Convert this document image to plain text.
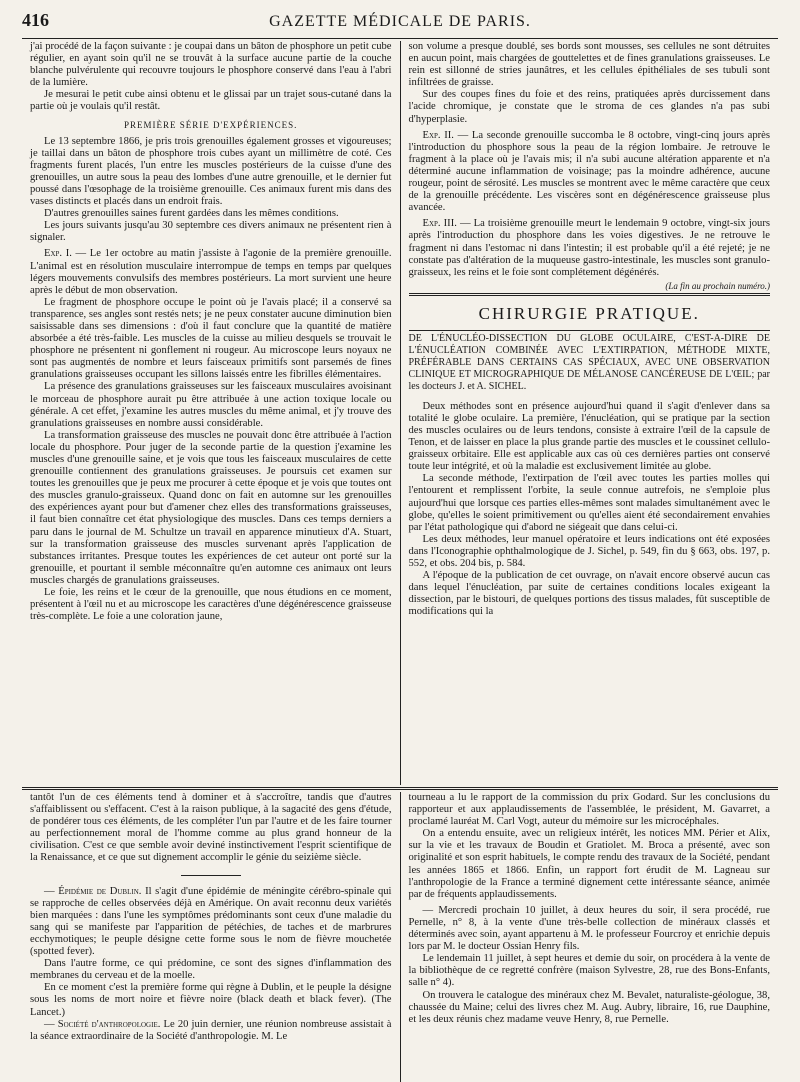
416	GAZETTE MÉDICALE DE PARIS.

j'ai procédé de la façon suivante : je coupai dans un bâton de phosphore un petit cube régulier, en ayant soin qu'il ne se trouvât à la surface aucune partie de la couche blanche pulvérulente qui recouvre toujours le phosphore conservé dans l'eau à l'abri de la lumière.

Je mesurai le petit cube ainsi obtenu et le glissai par un trajet sous-cutané dans la partie où je voulais qu'il restât.

PREMIÈRE SÉRIE D'EXPÉRIENCES.

Le 13 septembre 1866, je pris trois grenouilles également grosses et vigoureuses; je taillai dans un bâton de phosphore trois cubes ayant un millimètre de coté. Ces fragments furent placés, l'un entre les muscles postérieurs de la cuisse d'une des grenouilles, un autre sous la peau des lombes d'une autre grenouille, et le dernier fut poussé dans l'œsophage de la troisième grenouille. Ces animaux furent mis dans des vases distincts et placés dans un endroit frais.

D'autres grenouilles saines furent gardées dans les mêmes conditions.

Les jours suivants jusqu'au 30 septembre ces divers animaux ne présentent rien à signaler.

Exp. I. — Le 1er octobre au matin j'assiste à l'agonie de la première grenouille. L'animal est en résolution musculaire interrompue de temps en temps par quelques légers mouvements convulsifs des membres postérieurs. La mort survient une heure après le début de mon observation.

Le fragment de phosphore occupe le point où je l'avais placé; il a conservé sa transparence, ses angles sont restés nets; je ne peux constater aucune diminution bien saisissable dans ses dimensions : d'où il faut conclure que la quantité de matière absorbée a été très-faible. Les muscles de la cuisse au milieu desquels se trouvait le phosphore ne présentent ni gonflement ni rougeur. Au microscope leurs noyaux ne sont pas augmentés de nombre et leurs faisceaux primitifs sont parsemés de fines granulations graisseuses occupant les sillons laissés entre les fibrilles élémentaires.

La présence des granulations graisseuses sur les faisceaux musculaires avoisinant le morceau de phosphore aurait pu être attribuée à une action toxique locale ou générale. A cet effet, j'examine les autres muscles du même animal, et j'y trouve des granulations graisseuses en nombre aussi considérable.

La transformation graisseuse des muscles ne pouvait donc être attribuée à l'action locale du phosphore. Pour juger de la seconde partie de la question j'examine les muscles d'une grenouille saine, et je vois que tous les faisceaux musculaires de cette grenouille contiennent des granulations graisseuses. Je poursuis cet examen sur toutes les grenouilles que je peux me procurer à cette époque et je vois que toutes ont des muscles granulo-graisseux. Quand donc on fait en automne sur les grenouilles des expériences ayant pour but d'amener chez elles des transformations graisseuses, il faut bien connaître cet état physiologique des muscles. Dans ces temps derniers a paru dans le journal de M. Schultze un travail en apparence minutieux d'A. Stuart, sur la transformation graisseuse des muscles survenant après l'application de substances irritantes. Presque toutes les expériences de cet auteur ont porté sur la grenouille, et pourtant il semble méconnaître qu'en automne ces animaux ont leurs muscles chargés de granulations graisseuses.

Le foie, les reins et le cœur de la grenouille, que nous étudions en ce moment, présentent à l'œil nu et au microscope les caractères d'une dégénérescence graisseuse très-complète. Le foie a une coloration jaune,

son volume a presque doublé, ses bords sont mousses, ses cellules ne sont détruites en aucun point, mais chargées de gouttelettes et de fines granulations graisseuses. Le rein est sillonné de stries jaunâtres, et les cellules épithéliales de ses tubuli sont infiltrées de graisse.

Sur des coupes fines du foie et des reins, pratiquées après durcissement dans l'acide chromique, je constate que le stroma de ces glandes n'a pas subi d'hyperplasie.

Exp. II. — La seconde grenouille succomba le 8 octobre, vingt-cinq jours après l'introduction du phosphore sous la peau de la région lombaire. Je retrouve le fragment à la place où je l'avais mis; il n'a subi aucune altération apparente et n'a déterminé aucune inflammation de voisinage; pas la moindre adhérence, aucune rougeur, point de sérosité. Les muscles se montrent avec le même caractère que ceux de la grenouille précédente. Les viscères sont en dégénérescence graisseuse plus avancée.

Exp. III. — La troisième grenouille meurt le lendemain 9 octobre, vingt-six jours après l'introduction du phosphore dans les voies digestives. Je ne retrouve le fragment ni dans l'estomac ni dans l'intestin; il est probable qu'il a été rejeté; je ne constate pas d'altération de la muqueuse gastro-intestinale, les muscles sont granulo-graisseux, les reins et le foie sont complétement dégénérés.

(La fin au prochain numéro.)
CHIRURGIE PRATIQUE.

DE L'ÉNUCLÉO-DISSECTION DU GLOBE OCULAIRE, C'EST-A-DIRE DE L'ÉNUCLÉATION COMBINÉE AVEC L'EXTIRPATION, MÉTHODE MIXTE, PRÉFÉRABLE DANS CERTAINS CAS SPÉCIAUX, AVEC UNE OBSERVATION CLINIQUE ET MICROGRAPHIQUE DE MÉLANOSE CANCÉREUSE DE L'ŒIL; par les docteurs J. et A. SICHEL.

Deux méthodes sont en présence aujourd'hui quand il s'agit d'enlever dans sa totalité le globe oculaire. La première, l'énucléation, qui se pratique par la section des muscles oculaires ou de leurs tendons, consiste à extraire l'œil de la capsule de Tenon, et de laisser en place la plus grande partie des muscles et le coussinet cellulo-graisseux orbitaire. Elle est applicable aux cas où ces dernières parties ont conservé toute leur intégrité, et où la maladie est exclusivement limitée au globe.

La seconde méthode, l'extirpation de l'œil avec toutes les parties molles qui l'entourent et remplissent l'orbite, la seule connue autrefois, ne s'emploie plus aujourd'hui que lorsque ces parties elles-mêmes sont malades simultanément avec le globe, qu'elles le soient primitivement ou qu'elles aient été secondairement envahies par l'état pathologique qui d'abord ne siégeait que dans celui-ci.

Les deux méthodes, leur manuel opératoire et leurs indications ont été exposées dans l'Iconographie ophthalmologique de J. Sichel, p. 549, fin du § 663, obs. 197, p. 552, et obs. 204 bis, p. 584.

A l'époque de la publication de cet ouvrage, on n'avait encore observé aucun cas dans lequel l'énucléation, par suite de certaines conditions locales exigeant la dissection, par le bistouri, de quelques portions des tissus malades, fût susceptible de modifications qui la

tantôt l'un de ces éléments tend à dominer et à s'accroître, tandis que d'autres s'affaiblissent ou s'effacent. C'est à la raison publique, à la sagacité des gens d'étude, de pondérer tous ces éléments, de les compléter l'un par l'autre et de les faire tourner au perfectionnement moral de l'homme comme au plus grand honneur de la civilisation. C'est ce que semble avoir deviné instinctivement l'esprit scientifique de la Renaissance, et ce que sut dignement accomplir le génie du seizième siècle.

— Épidémie de Dublin. Il s'agit d'une épidémie de méningite cérébro-spinale qui se rapproche de celles observées déjà en Amérique. On avait reconnu deux variétés bien marquées : dans l'une les symptômes prédominants sont ceux d'une maladie du sang qui se manifeste par l'apparition de pétéchies, de taches et de marbrures ecchymotiques; le peuple désigne cette forme sous le nom de fièvre mouchetée (spotted fever).

Dans l'autre forme, ce qui prédomine, ce sont des signes d'inflammation des membranes du cerveau et de la moelle.

En ce moment c'est la première forme qui règne à Dublin, et le peuple la désigne sous les noms de mort noire et fièvre noire (black death et black fever). (The Lancet.)

— Société d'anthropologie. Le 20 juin dernier, une réunion nombreuse assistait à la séance extraordinaire de la Société d'anthropologie. M. Le

tourneau a lu le rapport de la commission du prix Godard. Sur les conclusions du rapporteur et aux applaudissements de l'assemblée, le président, M. Gavarret, a proclamé lauréat M. Carl Vogt, auteur du mémoire sur les microcéphales.

On a entendu ensuite, avec un religieux intérêt, les notices MM. Périer et Alix, sur la vie et les travaux de Boudin et Gratiolet. M. Broca a présenté, avec son originalité et son esprit habituels, le compte rendu des travaux de la Société, pendant les années 1865 et 1866. Enfin, un rapport fort érudit de M. Lagneau sur l'anthropologie de la France a terminé dignement cette intéressante séance, animée par de fréquents applaudissements.

— Mercredi prochain 10 juillet, à deux heures du soir, il sera procédé, rue Pernelle, n° 8, à la vente d'une très-belle collection de minéraux classés et déterminés avec soin, ayant appartenu à M. le professeur Fourcroy et enrichie depuis lors par M. le docteur Ossian Henry fils.

Le lendemain 11 juillet, à sept heures et demie du soir, on procédera à la vente de la bibliothèque de ce regretté confrère (maison Sylvestre, 28, rue des Bons-Enfants, salle n° 4).

On trouvera le catalogue des minéraux chez M. Bevalet, naturaliste-géologue, 38, chaussée du Maine; celui des livres chez M. Aug. Aubry, libraire, 16, rue Dauphine, et les deux réunis chez madame veuve Henry, 8, rue Pernelle.
